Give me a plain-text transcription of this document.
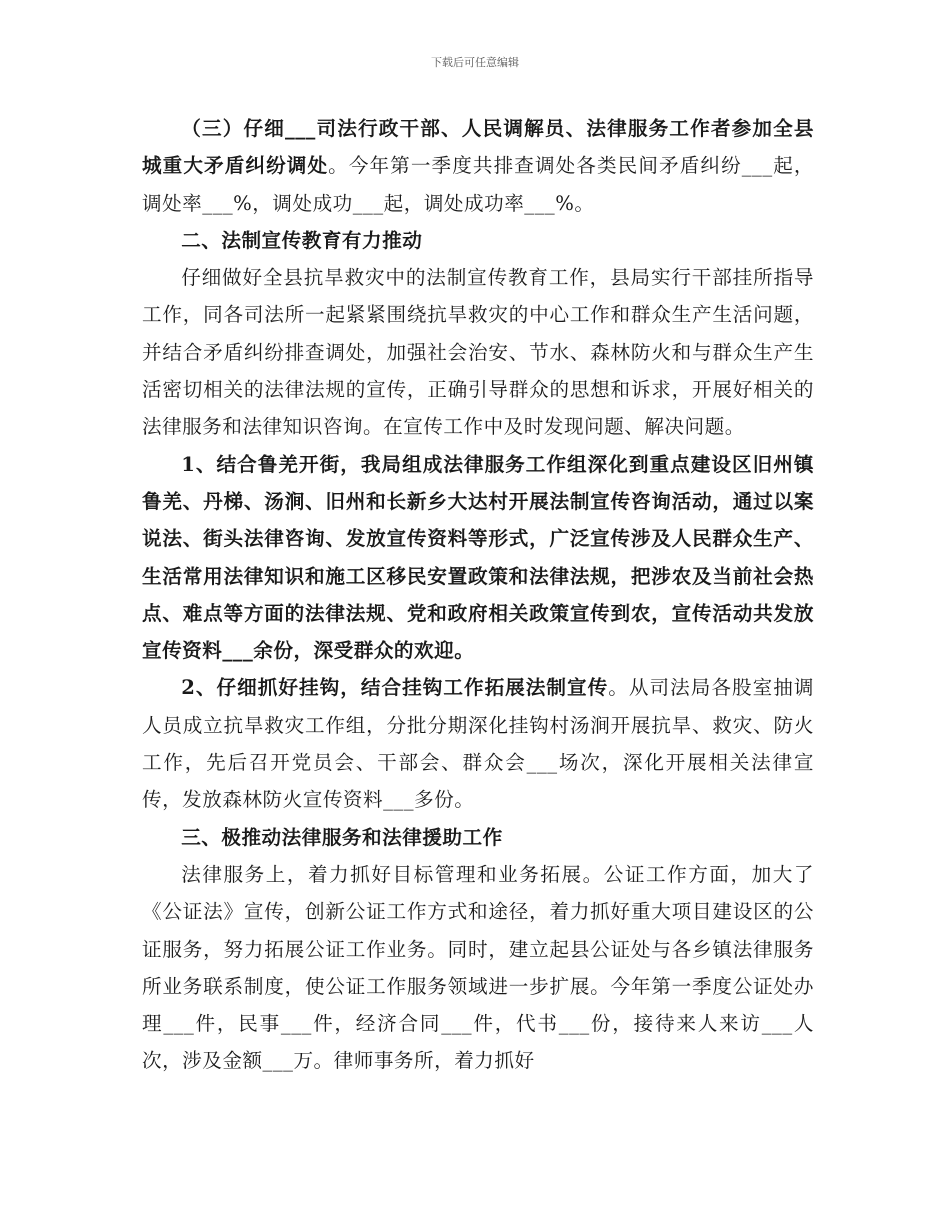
下载后可任意编辑

（三）仔细___司法行政干部、人民调解员、法律服务工作者参加全县城重大矛盾纠纷调处。今年第一季度共排查调处各类民间矛盾纠纷___起，调处率___%，调处成功___起，调处成功率___%。

二、法制宣传教育有力推动

仔细做好全县抗旱救灾中的法制宣传教育工作，县局实行干部挂所指导工作，同各司法所一起紧紧围绕抗旱救灾的中心工作和群众生产生活问题，并结合矛盾纠纷排查调处，加强社会治安、节水、森林防火和与群众生产生活密切相关的法律法规的宣传，正确引导群众的思想和诉求，开展好相关的法律服务和法律知识咨询。在宣传工作中及时发现问题、解决问题。

1、结合鲁羌开街，我局组成法律服务工作组深化到重点建设区旧州镇鲁羌、丹梯、汤涧、旧州和长新乡大达村开展法制宣传咨询活动，通过以案说法、街头法律咨询、发放宣传资料等形式，广泛宣传涉及人民群众生产、生活常用法律知识和施工区移民安置政策和法律法规，把涉农及当前社会热点、难点等方面的法律法规、党和政府相关政策宣传到农，宣传活动共发放宣传资料___余份，深受群众的欢迎。

2、仔细抓好挂钩，结合挂钩工作拓展法制宣传。从司法局各股室抽调人员成立抗旱救灾工作组，分批分期深化挂钩村汤涧开展抗旱、救灾、防火工作，先后召开党员会、干部会、群众会___场次，深化开展相关法律宣传，发放森林防火宣传资料___多份。

三、极推动法律服务和法律援助工作

法律服务上，着力抓好目标管理和业务拓展。公证工作方面，加大了《公证法》宣传，创新公证工作方式和途径，着力抓好重大项目建设区的公证服务，努力拓展公证工作业务。同时，建立起县公证处与各乡镇法律服务所业务联系制度，使公证工作服务领域进一步扩展。今年第一季度公证处办理___件，民事___件，经济合同___件，代书___份，接待来人来访___人次，涉及金额___万。律师事务所，着力抓好
